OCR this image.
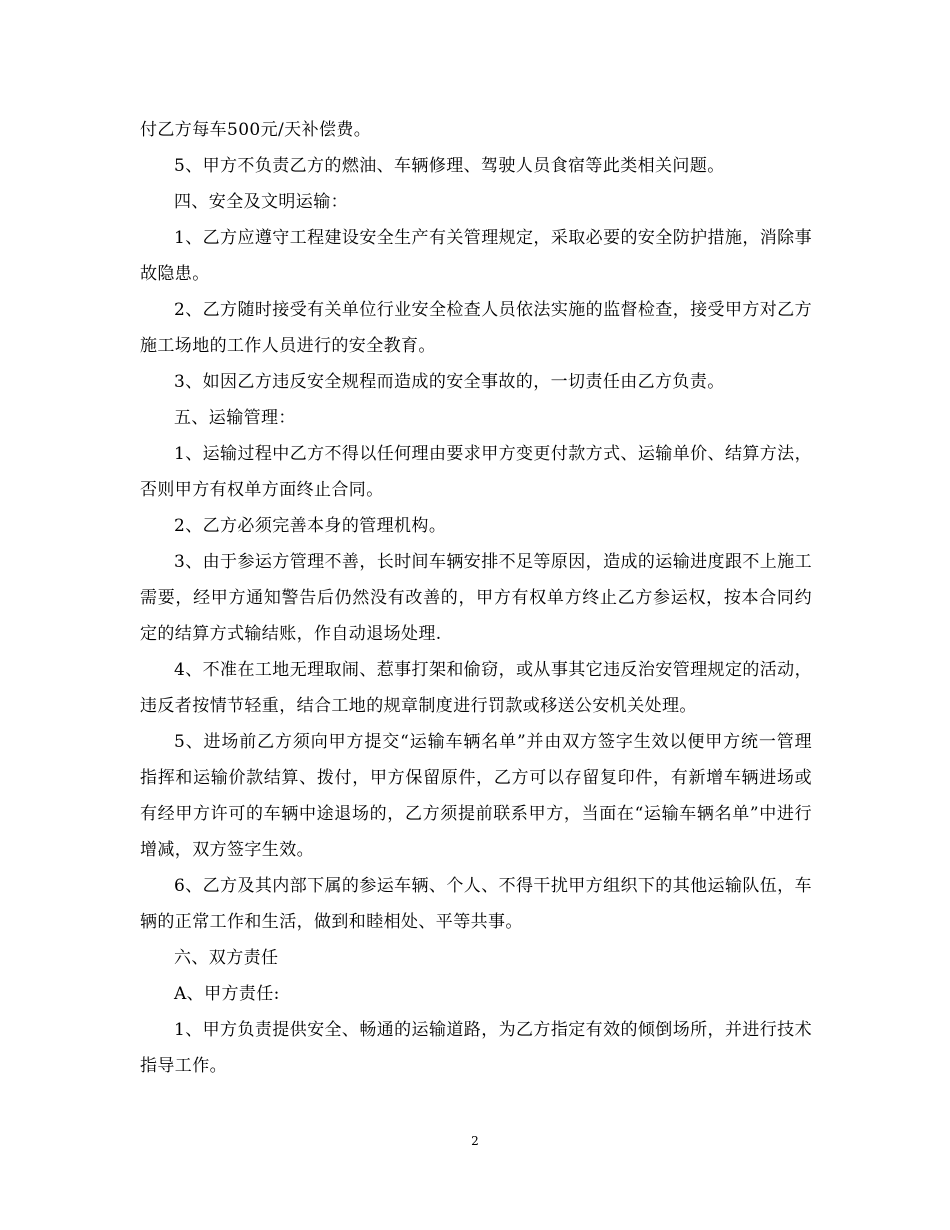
付乙方每车500元/天补偿费。

5、甲方不负责乙方的燃油、车辆修理、驾驶人员食宿等此类相关问题。

四、安全及文明运输：

1、乙方应遵守工程建设安全生产有关管理规定，采取必要的安全防护措施，消除事故隐患。

2、乙方随时接受有关单位行业安全检查人员依法实施的监督检查，接受甲方对乙方施工场地的工作人员进行的安全教育。

3、如因乙方违反安全规程而造成的安全事故的，一切责任由乙方负责。

五、运输管理：

1、运输过程中乙方不得以任何理由要求甲方变更付款方式、运输单价、结算方法，否则甲方有权单方面终止合同。

2、乙方必须完善本身的管理机构。

3、由于参运方管理不善，长时间车辆安排不足等原因，造成的运输进度跟不上施工需要，经甲方通知警告后仍然没有改善的，甲方有权单方终止乙方参运权，按本合同约定的结算方式输结账，作自动退场处理.

4、不准在工地无理取闹、惹事打架和偷窃，或从事其它违反治安管理规定的活动，违反者按情节轻重，结合工地的规章制度进行罚款或移送公安机关处理。

5、进场前乙方须向甲方提交“运输车辆名单”并由双方签字生效以便甲方统一管理指挥和运输价款结算、拨付，甲方保留原件，乙方可以存留复印件，有新增车辆进场或有经甲方许可的车辆中途退场的，乙方须提前联系甲方，当面在“运输车辆名单”中进行增减，双方签字生效。

6、乙方及其内部下属的参运车辆、个人、不得干扰甲方组织下的其他运输队伍，车辆的正常工作和生活，做到和睦相处、平等共事。

六、双方责任

A、甲方责任:

1、甲方负责提供安全、畅通的运输道路，为乙方指定有效的倾倒场所，并进行技术指导工作。

2
